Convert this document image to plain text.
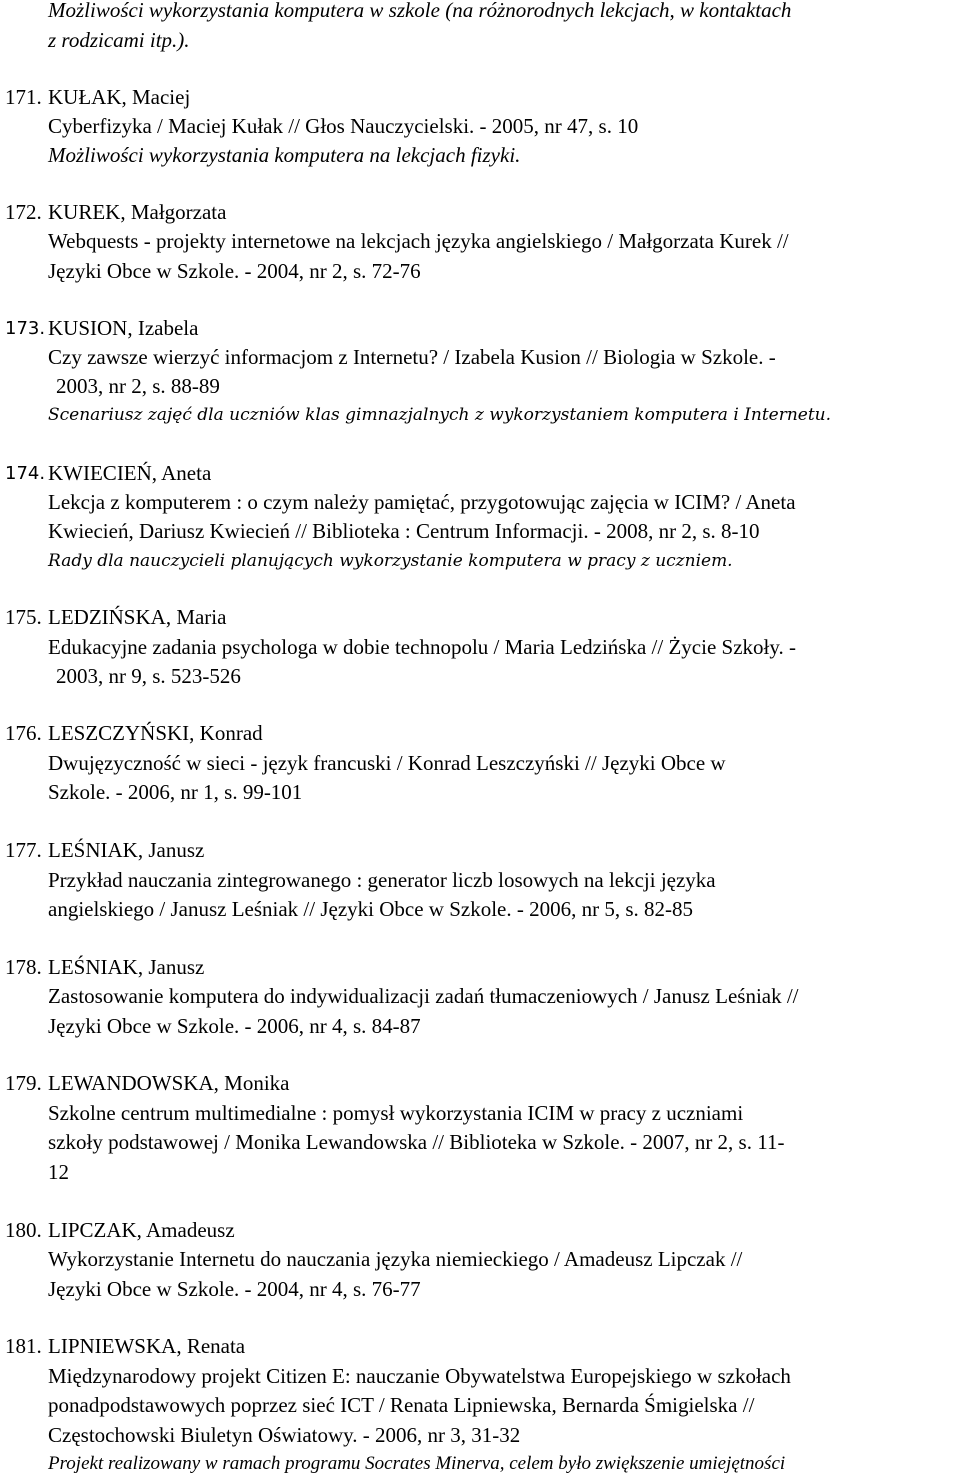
Możliwości wykorzystania komputera w szkole (na różnorodnych lekcjach, w kontaktach
z rodzicami itp.).
171. KUŁAK, Maciej
Cyberfizyka / Maciej Kułak // Głos Nauczycielski. - 2005, nr 47, s. 10
Możliwości wykorzystania komputera na lekcjach fizyki.
172. KUREK, Małgorzata
Webquests - projekty internetowe na lekcjach języka angielskiego / Małgorzata Kurek //
Języki Obce w Szkole. - 2004, nr 2, s. 72-76
173. KUSION, Izabela
Czy zawsze wierzyć informacjom z Internetu? / Izabela Kusion // Biologia w Szkole. -
2003, nr 2, s. 88-89
Scenariusz zajęć dla uczniów klas gimnazjalnych z wykorzystaniem komputera i Internetu.
174. KWIECIEŃ, Aneta
Lekcja z komputerem : o czym należy pamiętać, przygotowując zajęcia w ICIM? / Aneta
Kwiecień, Dariusz Kwiecień // Biblioteka : Centrum Informacji. - 2008, nr 2, s. 8-10
Rady dla nauczycieli planujących wykorzystanie komputera w pracy z uczniem.
175. LEDZIŃSKA, Maria
Edukacyjne zadania psychologa w dobie technopolu / Maria Ledzińska // Życie Szkoły. -
2003, nr 9, s. 523-526
176. LESZCZYŃSKI, Konrad
Dwujęzyczność w sieci - język francuski / Konrad Leszczyński // Języki Obce w
Szkole. - 2006, nr 1, s. 99-101
177. LEŚNIAK, Janusz
Przykład nauczania zintegrowanego : generator liczb losowych na lekcji języka
angielskiego / Janusz Leśniak // Języki Obce w Szkole. - 2006, nr 5, s. 82-85
178. LEŚNIAK, Janusz
Zastosowanie komputera do indywidualizacji zadań tłumaczeniowych / Janusz Leśniak //
Języki Obce w Szkole. - 2006, nr 4, s. 84-87
179. LEWANDOWSKA, Monika
Szkolne centrum multimedialne : pomysł wykorzystania ICIM w pracy z uczniami
szkoły podstawowej / Monika Lewandowska // Biblioteka w Szkole. - 2007, nr 2, s. 11-
12
180. LIPCZAK, Amadeusz
Wykorzystanie Internetu do nauczania języka niemieckiego / Amadeusz Lipczak //
Języki Obce w Szkole. - 2004, nr 4, s. 76-77
181. LIPNIEWSKA, Renata
Międzynarodowy projekt Citizen E: nauczanie Obywatelstwa Europejskiego w szkołach
ponadpodstawowych poprzez sieć ICT / Renata Lipniewska, Bernarda Śmigielska //
Częstochowski Biuletyn Oświatowy. - 2006, nr 3, 31-32
Projekt realizowany w ramach programu Socrates Minerva, celem było zwiększenie umiejętności
